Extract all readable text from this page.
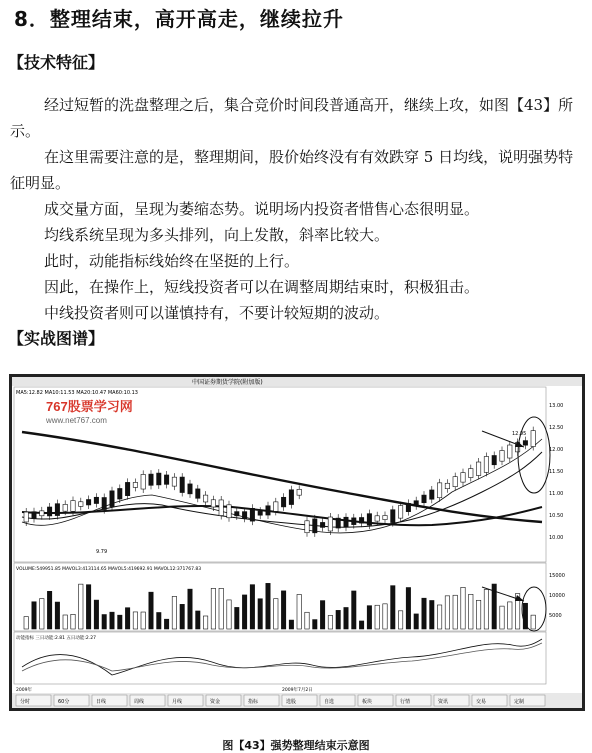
8．整理结束，高开高走，继续拉升
【技术特征】

经过短暂的洗盘整理之后，集合竞价时间段普通高开，继续上攻，如图【43】所示。

在这里需要注意的是，整理期间，股价始终没有有效跌穿 5 日均线，说明强势特征明显。

成交量方面，呈现为萎缩态势。说明场内投资者惜售心态很明显。

均线系统呈现为多头排列，向上发散，斜率比较大。

此时，动能指标线始终在坚挺的上行。

因此，在操作上，短线投资者可以在调整周期结束时，积极狙击。

中线投资者则可以谨慎持有，不要计较短期的波动。

【实战图谱】
中国证券期货学院(附加版)
MA5:12.82 MA10:11.53 MA20:10.47 MA60:10.13
VOLUME:549951.85 MAVOL3:413114.65 MAVOL5:419692.91 MAVOL12:371767.83
动能指标 三日动能:2.81 五日动能:2.27
13.00
12.50
12.00
11.50
11.00
10.50
10.00
15000
10000
5000
9.79
12.95
2009年	2009年7月2日
分时	60分	日线	周线	月线	资金	指标	选股	自选	板块	行情	资讯	交易	定制
767股票学习网
www.net767.com
图【43】强势整理结束示意图
